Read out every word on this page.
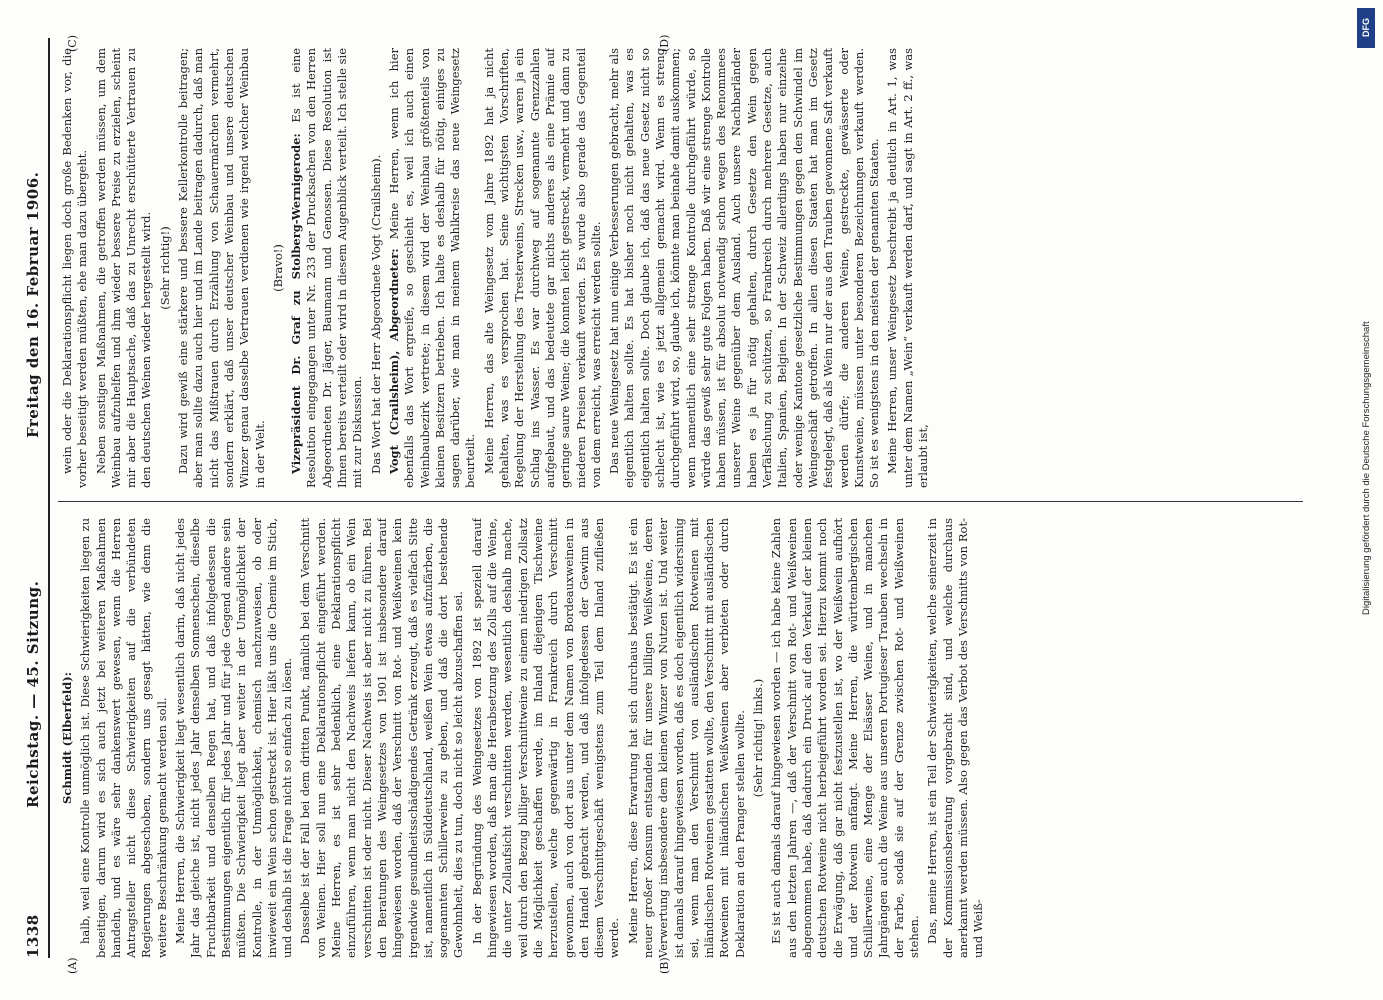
1338
Reichstag. — 45. Sitzung.
Freitag den 16. Februar 1906.
(A)	(B)
(C)	(D)

Schmidt (Elberfeld): halb, weil eine Kontrolle unmöglich ist. Diese Schwierigkeiten liegen zu beseitigen, darum wird es sich auch jetzt bei weiteren Maßnahmen handeln, und es wäre sehr dankenswert gewesen, wenn die Herren Antragsteller nicht diese Schwierigkeiten auf die verbündeten Regierungen abgeschoben, sondern uns gesagt hätten, wie denn die weitere Beschränkung gemacht werden soll. Meine Herren, die Schwierigkeit liegt wesentlich darin, daß nicht jedes Jahr das gleiche ist, nicht jedes Jahr denselben Sonnenschein, dieselbe Fruchtbarkeit und denselben Regen hat, und daß infolgedessen die Bestimmungen eigentlich für jedes Jahr und für jede Gegend andere sein müßten. Die Schwierigkeit liegt aber weiter in der Unmöglichkeit der Kontrolle, in der Unmöglichkeit, chemisch nachzuweisen, ob oder inwieweit ein Wein schon gestreckt ist. Hier läßt uns die Chemie im Stich, und deshalb ist die Frage nicht so einfach zu lösen. Dasselbe ist der Fall bei dem dritten Punkt, nämlich bei dem Verschnitt von Weinen. Hier soll nun eine Deklarationspflicht eingeführt werden. Meine Herren, es ist sehr bedenklich, eine Deklarationspflicht einzuführen, wenn man nicht den Nachweis liefern kann, ob ein Wein verschnitten ist oder nicht. Dieser Nachweis ist aber nicht zu führen. Bei den Beratungen des Weingesetzes von 1901 ist insbesondere darauf hingewiesen worden, daß der Verschnitt von Rot- und Weißweinen kein irgendwie gesundheitsschädigendes Getränk erzeugt, daß es vielfach Sitte ist, namentlich in Süddeutschland, weißen Wein etwas aufzufärben, die sogenannten Schillerweine zu geben, und daß die dort bestehende Gewohnheit, dies zu tun, doch nicht so leicht abzuschaffen sei. In der Begründung des Weingesetzes von 1892 ist speziell darauf hingewiesen worden, daß man die Herabsetzung des Zolls auf die Weine, die unter Zollaufsicht verschnitten werden, wesentlich deshalb mache, weil durch den Bezug billiger Verschnittweine zu einem niedrigen Zollsatz die Möglichkeit geschaffen werde, im Inland diejenigen Tischweine herzustellen, welche gegenwärtig in Frankreich durch Verschnitt gewonnen, auch von dort aus unter dem Namen von Bordeauxweinen in den Handel gebracht werden, und daß infolgedessen der Gewinn aus diesem Verschnittgeschäft wenigstens zum Teil dem Inland zufließen werde. Meine Herren, diese Erwartung hat sich durchaus bestätigt. Es ist ein neuer großer Konsum entstanden für unsere billigen Weißweine, deren Verwertung insbesondere dem kleinen Winzer von Nutzen ist. Und weiter ist damals darauf hingewiesen worden, daß es doch eigentlich widersinnig sei, wenn man den Verschnitt von ausländischen Rotweinen mit inländischen Rotweinen gestatten wollte, den Verschnitt mit ausländischen Rotweinen mit inländischen Weißweinen aber verbieten oder durch Deklaration an den Pranger stellen wollte. (Sehr richtig! links.) Es ist auch damals darauf hingewiesen worden — ich habe keine Zahlen aus den letzten Jahren —, daß der Verschnitt von Rot- und Weißweinen abgenommen habe, daß dadurch ein Druck auf den Verkauf der kleinen deutschen Rotweine nicht herbeigeführt worden sei. Hierzu kommt noch die Erwägung, daß gar nicht festzustellen ist, wo der Weißwein aufhört und der Rotwein anfängt. Meine Herren, die württembergischen Schillerweine, eine Menge der Elsässer Weine, und in manchen Jahrgängen auch die Weine aus unseren Portugieser Trauben wechseln in der Farbe, sodaß sie auf der Grenze zwischen Rot- und Weißweinen stehen. Das, meine Herren, ist ein Teil der Schwierigkeiten, welche seinerzeit in der Kommissionsberatung vorgebracht sind, und welche durchaus anerkannt werden müssen. Also gegen das Verbot des Verschnitts von Rot- und Weiß-

wein oder die Deklarationspflicht liegen doch große Bedenken vor, die vorher beseitigt werden müßten, ehe man dazu übergeht. Neben sonstigen Maßnahmen, die getroffen werden müssen, um dem Weinbau aufzuhelfen und ihm wieder bessere Preise zu erzielen, scheint mir aber die Hauptsache, daß das zu Unrecht erschütterte Vertrauen zu den deutschen Weinen wieder hergestellt wird. (Sehr richtig!) Dazu wird gewiß eine stärkere und bessere Kellerkontrolle beitragen; aber man sollte dazu auch hier und im Lande beitragen dadurch, daß man nicht das Mißtrauen durch Erzählung von Schauermärchen vermehrt, sondern erklärt, daß unser deutscher Weinbau und unsere deutschen Winzer genau dasselbe Vertrauen verdienen wie irgend welcher Weinbau in der Welt.

(Bravo!) Vizepräsident Dr. Graf zu Stolberg-Wernigerode: Es ist eine Resolution eingegangen unter Nr. 233 der Drucksachen von den Herren Abgeordneten Dr. Jäger, Baumann und Genossen. Diese Resolution ist Ihnen bereits verteilt oder wird in diesem Augenblick verteilt. Ich stelle sie mit zur Diskussion. Das Wort hat der Herr Abgeordnete Vogt (Crailsheim). Vogt (Crailsheim), Abgeordneter: Meine Herren, wenn ich hier ebenfalls das Wort ergreife, so geschieht es, weil ich auch einen Weinbaubezirk vertrete; in diesem wird der Weinbau größtenteils von kleinen Besitzern betrieben. Ich halte es deshalb für nötig, einiges zu sagen darüber, wie man in meinem Wahlkreise das neue Weingesetz beurteilt. Meine Herren, das alte Weingesetz vom Jahre 1892 hat ja nicht gehalten, was es versprochen hat. Seine wichtigsten Vorschriften, Regelung der Herstellung des Tresterweins, Strecken usw., waren ja ein Schlag ins Wasser. Es war durchweg auf sogenannte Grenzzahlen aufgebaut, und das bedeutete gar nichts anderes als eine Prämie auf geringe saure Weine; die konnten leicht gestreckt, vermehrt und dann zu niederen Preisen verkauft werden. Es wurde also gerade das Gegenteil von dem erreicht, was erreicht werden sollte. Das neue Weingesetz hat nun einige Verbesserungen gebracht, mehr als eigentlich halten sollte. Es hat bisher noch nicht gehalten, was es eigentlich halten sollte. Doch glaube ich, daß das neue Gesetz nicht so schlecht ist, wie es jetzt allgemein gemacht wird. Wenn es streng durchgeführt wird, so, glaube ich, könnte man beinahe damit auskommen; wenn namentlich eine sehr strenge Kontrolle durchgeführt würde, so würde das gewiß sehr gute Folgen haben. Daß wir eine strenge Kontrolle haben müssen, ist für absolut notwendig schon wegen des Renommees unserer Weine gegenüber dem Ausland. Auch unsere Nachbarländer haben es ja für nötig gehalten, durch Gesetze den Wein gegen Verfälschung zu schützen, so Frankreich durch mehrere Gesetze, auch Italien, Spanien, Belgien. In der Schweiz allerdings haben nur einzelne oder wenige Kantone gesetzliche Bestimmungen gegen den Schwindel im Weingeschäft getroffen. In allen diesen Staaten hat man im Gesetz festgelegt, daß als Wein nur der aus den Trauben gewonnene Saft verkauft werden dürfe; die anderen Weine, gestreckte, gewässerte oder Kunstweine, müssen unter besonderen Bezeichnungen verkauft werden. So ist es wenigstens in den meisten der genannten Staaten. Meine Herren, unser Weingesetz beschreibt ja deutlich in Art. 1, was unter dem Namen „Wein“ verkauft werden darf, und sagt in Art. 2 ff., was erlaubt ist,

DFG
Digitalisierung gefördert durch die Deutsche Forschungsgemeinschaft
